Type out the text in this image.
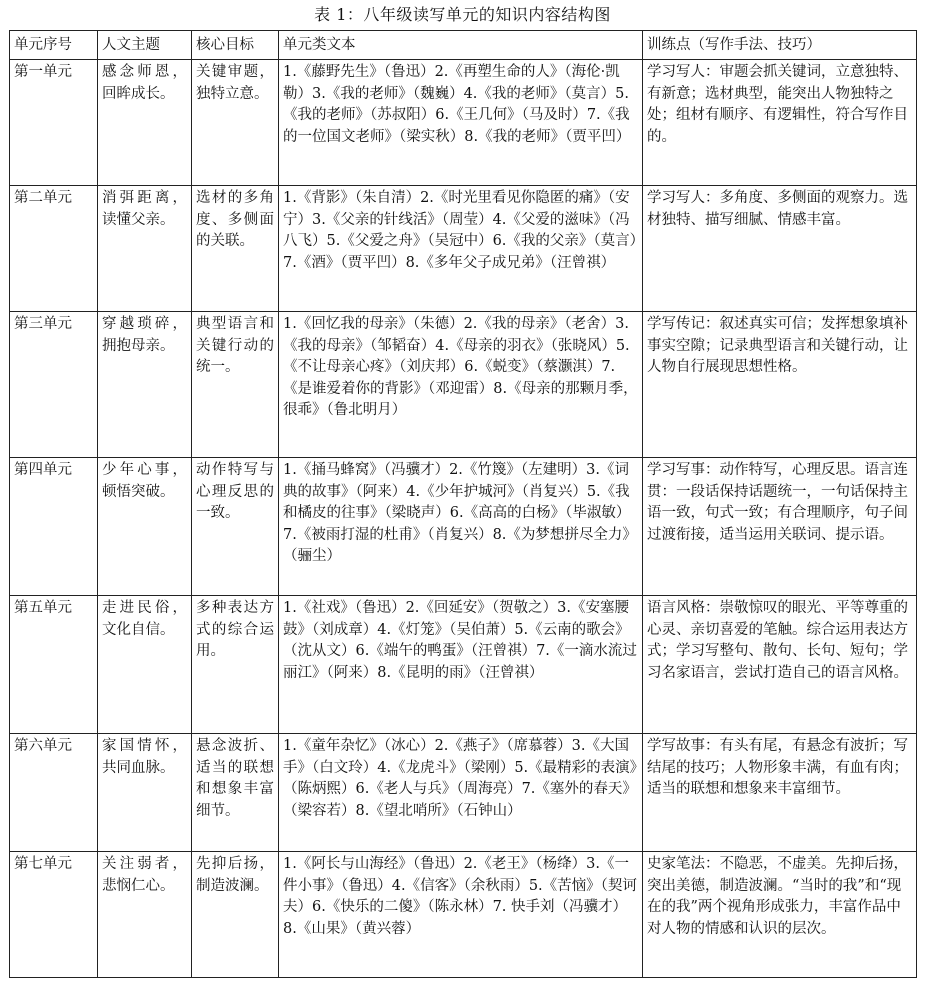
表 1：八年级读写单元的知识内容结构图
单元序号	人文主题	核心目标	单元类文本	训练点（写作手法、技巧）
第一单元	感念师恩，回眸成长。	关键审题，独特立意。	1.《藤野先生》（鲁迅）2.《再塑生命的人》（海伦·凯勒）3.《我的老师》（魏巍）4.《我的老师》（莫言）5.《我的老师》（苏叔阳）6.《王几何》（马及时）7.《我的一位国文老师》（梁实秋）8.《我的老师》（贾平凹）	学习写人：审题会抓关键词，立意独特、有新意；选材典型，能突出人物独特之处；组材有顺序、有逻辑性，符合写作目的。
第二单元	消弭距离，读懂父亲。	选材的多角度、多侧面的关联。	1.《背影》（朱自清）2.《时光里看见你隐匿的痛》（安宁）3.《父亲的针线活》（周莹）4.《父爱的滋味》（冯八飞）5.《父爱之舟》（吴冠中）6.《我的父亲》（莫言）7.《酒》（贾平凹）8.《多年父子成兄弟》（汪曾祺）	学习写人：多角度、多侧面的观察力。选材独特、描写细腻、情感丰富。
第三单元	穿越琐碎，拥抱母亲。	典型语言和关键行动的统一。	1.《回忆我的母亲》（朱德）2.《我的母亲》（老舍）3.《我的母亲》（邹韬奋）4.《母亲的羽衣》（张晓风）5.《不让母亲心疼》（刘庆邦）6.《蜕变》（蔡灏淇）7.《是谁爱着你的背影》（邓迎雷）8.《母亲的那颗月季，很乖》（鲁北明月）	学写传记：叙述真实可信；发挥想象填补事实空隙；记录典型语言和关键行动，让人物自行展现思想性格。
第四单元	少年心事，顿悟突破。	动作特写与心理反思的一致。	1.《捅马蜂窝》（冯骥才）2.《竹篾》（左建明）3.《词典的故事》（阿来）4.《少年护城河》（肖复兴）5.《我和橘皮的往事》（梁晓声）6.《高高的白杨》（毕淑敏）7.《被雨打湿的杜甫》（肖复兴）8.《为梦想拼尽全力》（骊尘）	学习写事：动作特写，心理反思。语言连贯：一段话保持话题统一，一句话保持主语一致，句式一致；有合理顺序，句子间过渡衔接，适当运用关联词、提示语。
第五单元	走进民俗，文化自信。	多种表达方式的综合运用。	1.《社戏》（鲁迅）2.《回延安》（贺敬之）3.《安塞腰鼓》（刘成章）4.《灯笼》（吴伯萧）5.《云南的歌会》（沈从文）6.《端午的鸭蛋》（汪曾祺）7.《一滴水流过丽江》（阿来）8.《昆明的雨》（汪曾祺）	语言风格：崇敬惊叹的眼光、平等尊重的心灵、亲切喜爱的笔触。综合运用表达方式；学习写整句、散句、长句、短句；学习名家语言，尝试打造自己的语言风格。
第六单元	家国情怀，共同血脉。	悬念波折、适当的联想和想象丰富细节。	1.《童年杂忆》（冰心）2.《燕子》（席慕蓉）3.《大国手》（白文玲）4.《龙虎斗》（梁刚）5.《最精彩的表演》（陈炳熙）6.《老人与兵》（周海亮）7.《塞外的春天》（梁容若）8.《望北哨所》（石钟山）	学写故事：有头有尾，有悬念有波折；写结尾的技巧；人物形象丰满，有血有肉；适当的联想和想象来丰富细节。
第七单元	关注弱者，悲悯仁心。	先抑后扬，制造波澜。	1.《阿长与山海经》（鲁迅）2.《老王》（杨绛）3.《一件小事》（鲁迅）4.《信客》（余秋雨）5.《苦恼》（契诃夫）6.《快乐的二傻》（陈永林）7. 快手刘（冯骥才）8.《山果》（黄兴蓉）	史家笔法：不隐恶，不虚美。先抑后扬，突出美德，制造波澜。“当时的我”和“现在的我”两个视角形成张力，丰富作品中对人物的情感和认识的层次。
